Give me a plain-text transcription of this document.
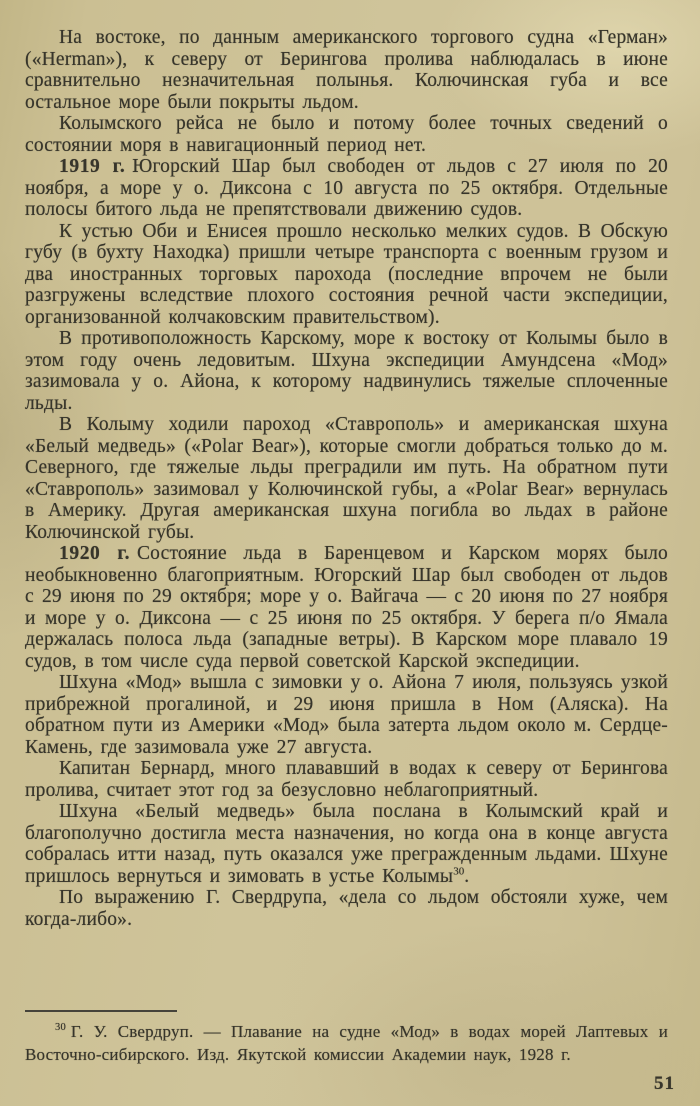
На востоке, по данным американского торгового судна «Герман» («Herman»), к северу от Берингова пролива наблюдалась в июне сравнительно незначительная полынья. Колючинская губа и все остальное море были покрыты льдом.

Колымского рейса не было и потому более точных сведений о состоянии моря в навигационный период нет.

1919 г. Югорский Шар был свободен от льдов с 27 июля по 20 ноября, а море у о. Диксона с 10 августа по 25 октября. Отдельные полосы битого льда не препятствовали движению судов.

К устью Оби и Енисея прошло несколько мелких судов. В Обскую губу (в бухту Находка) пришли четыре транспорта с военным грузом и два иностранных торговых парохода (последние впрочем не были разгружены вследствие плохого состояния речной части экспедиции, организованной колчаковским правительством).

В противоположность Карскому, море к востоку от Колымы было в этом году очень ледовитым. Шхуна экспедиции Амундсена «Мод» зазимовала у о. Айона, к которому надвинулись тяжелые сплоченные льды.

В Колыму ходили пароход «Ставрополь» и американская шхуна «Белый медведь» («Polar Bear»), которые смогли добраться только до м. Северного, где тяжелые льды преградили им путь. На обратном пути «Ставрополь» зазимовал у Колючинской губы, а «Polar Bear» вернулась в Америку. Другая американская шхуна погибла во льдах в районе Колючинской губы.

1920 г. Состояние льда в Баренцевом и Карском морях было необыкновенно благоприятным. Югорский Шар был свободен от льдов с 29 июня по 29 октября; море у о. Вайгача — с 20 июня по 27 ноября и море у о. Диксона — с 25 июня по 25 октября. У берега п/о Ямала держалась полоса льда (западные ветры). В Карском море плавало 19 судов, в том числе суда первой советской Карской экспедиции.

Шхуна «Мод» вышла с зимовки у о. Айона 7 июля, пользуясь узкой прибрежной прогалиной, и 29 июня пришла в Ном (Аляска). На обратном пути из Америки «Мод» была затерта льдом около м. Сердце-Камень, где зазимовала уже 27 августа.

Капитан Бернард, много плававший в водах к северу от Берингова пролива, считает этот год за безусловно неблагоприятный.

Шхуна «Белый медведь» была послана в Колымский край и благополучно достигла места назначения, но когда она в конце августа собралась итти назад, путь оказался уже прегражденным льдами. Шхуне пришлось вернуться и зимовать в устье Колымы$^{30}$.

По выражению Г. Свердрупа, «дела со льдом обстояли хуже, чем когда-либо».

$^{30}$ Г. У. Свердруп. — Плавание на судне «Мод» в водах морей Лаптевых и Восточно-сибирского. Изд. Якутской комиссии Академии наук, 1928 г.

51
